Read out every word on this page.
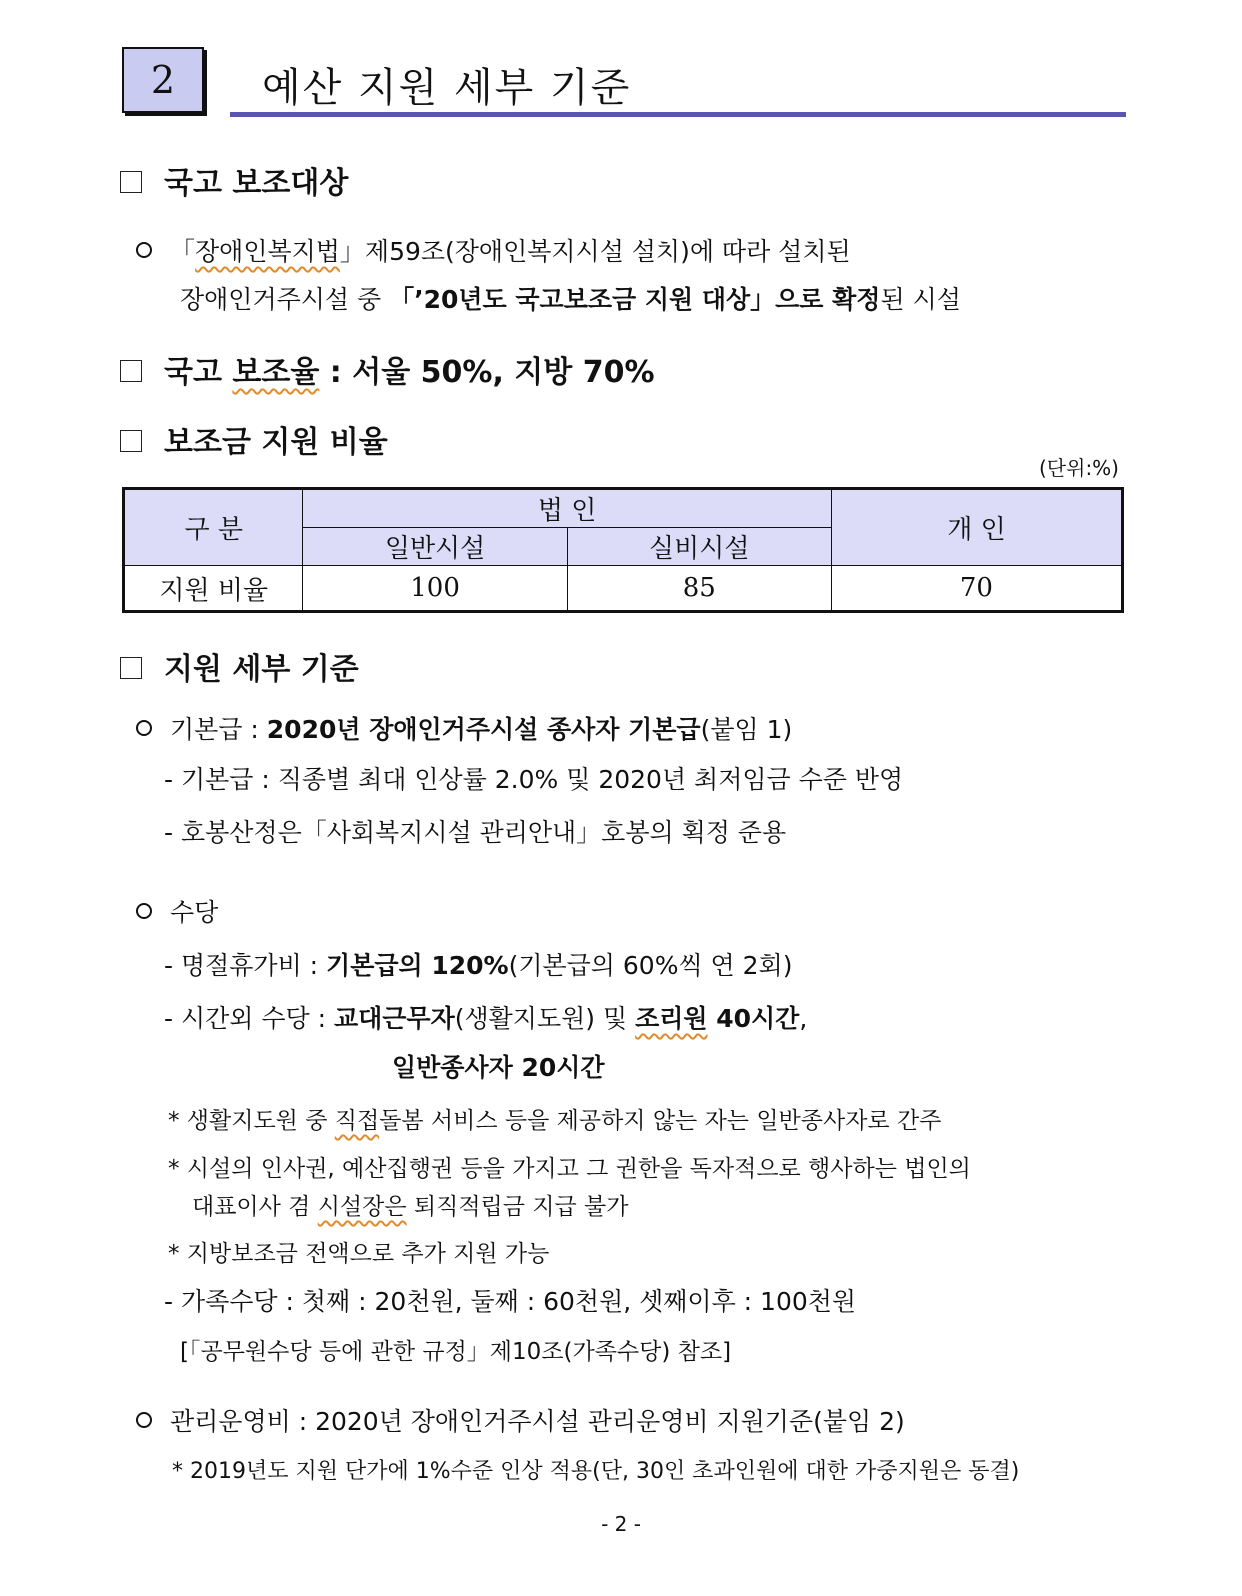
2 예산 지원 세부 기준
국고 보조대상
「장애인복지법」제59조(장애인복지시설 설치)에 따라 설치된
장애인거주시설 중 「’20년도 국고보조금 지원 대상」으로 확정된 시설
국고 보조율 : 서울 50%, 지방 70%
보조금 지원 비율
(단위:%)
구 분	법 인		개 인
	일반시설	실비시설	
지원 비율	100	85	70
지원 세부 기준
기본급 : 2020년 장애인거주시설 종사자 기본급(붙임 1)
- 기본급 : 직종별 최대 인상률 2.0% 및 2020년 최저임금 수준 반영
- 호봉산정은「사회복지시설 관리안내」호봉의 획정 준용
수당
- 명절휴가비 : 기본급의 120%(기본급의 60%씩 연 2회)
- 시간외 수당 : 교대근무자(생활지도원) 및 조리원 40시간,
일반종사자 20시간
* 생활지도원 중 직접돌봄 서비스 등을 제공하지 않는 자는 일반종사자로 간주
* 시설의 인사권, 예산집행권 등을 가지고 그 권한을 독자적으로 행사하는 법인의
대표이사 겸 시설장은 퇴직적립금 지급 불가
* 지방보조금 전액으로 추가 지원 가능
- 가족수당 : 첫째 : 20천원, 둘째 : 60천원, 셋째이후 : 100천원
[「공무원수당 등에 관한 규정」제10조(가족수당) 참조]
관리운영비 : 2020년 장애인거주시설 관리운영비 지원기준(붙임 2)
* 2019년도 지원 단가에 1%수준 인상 적용(단, 30인 초과인원에 대한 가중지원은 동결)
- 2 -
